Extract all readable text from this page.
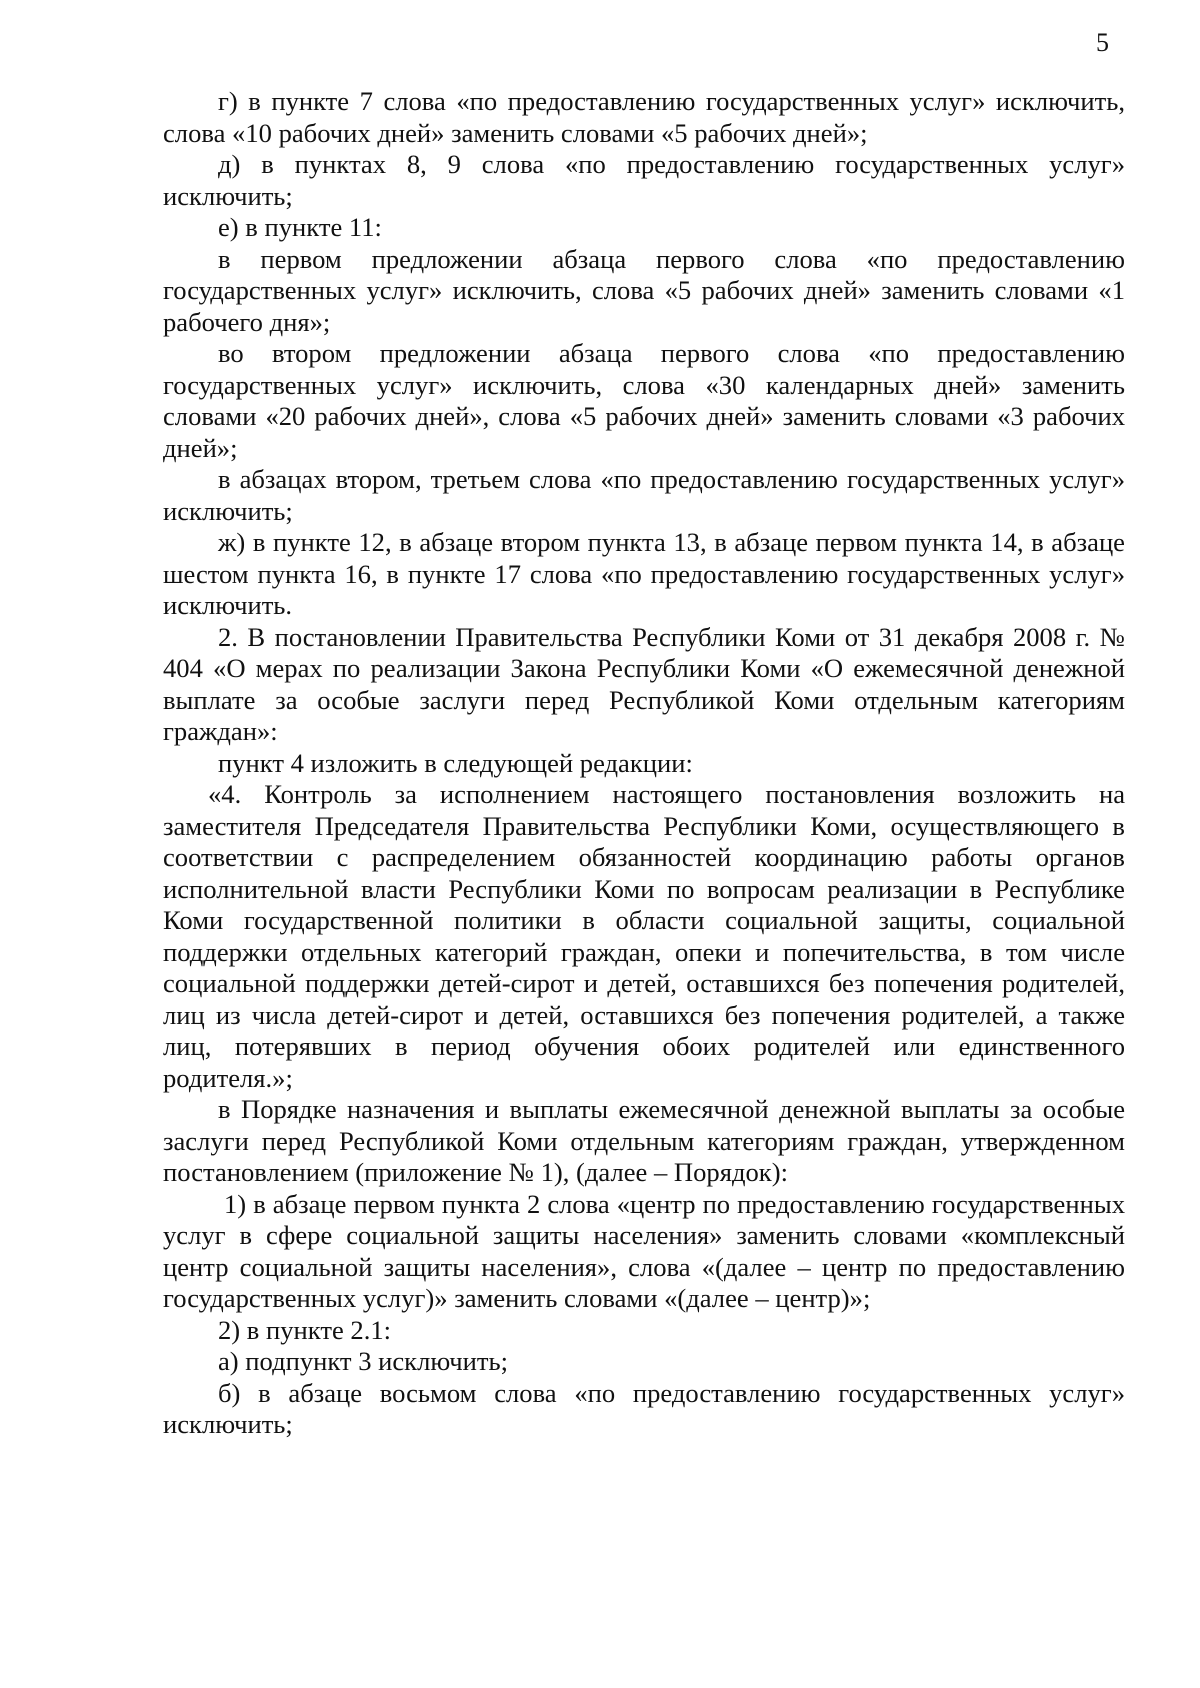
5

г) в пункте 7 слова «по предоставлению государственных услуг» исключить, слова «10 рабочих дней» заменить словами «5 рабочих дней»;

д) в пунктах 8, 9 слова «по предоставлению государственных услуг» исключить;

е) в пункте 11:

в первом предложении абзаца первого слова «по предоставлению государственных услуг» исключить, слова «5 рабочих дней» заменить словами «1 рабочего дня»;

во втором предложении абзаца первого слова «по предоставлению государственных услуг» исключить, слова «30 календарных дней» заменить словами «20 рабочих дней», слова «5 рабочих дней» заменить словами «3 рабочих дней»;

в абзацах втором, третьем слова «по предоставлению государственных услуг» исключить;

ж) в пункте 12, в абзаце втором пункта 13, в абзаце первом пункта 14, в абзаце шестом пункта 16, в пункте 17 слова «по предоставлению государственных услуг» исключить.

2. В постановлении Правительства Республики Коми от 31 декабря 2008 г. № 404 «О мерах по реализации Закона Республики Коми «О ежемесячной денежной выплате за особые заслуги перед Республикой Коми отдельным категориям граждан»:

пункт 4 изложить в следующей редакции:

«4. Контроль за исполнением настоящего постановления возложить на заместителя Председателя Правительства Республики Коми, осуществляющего в соответствии с распределением обязанностей координацию работы органов исполнительной власти Республики Коми по вопросам реализации в Республике Коми государственной политики в области социальной защиты, социальной поддержки отдельных категорий граждан, опеки и попечительства, в том числе социальной поддержки детей-сирот и детей, оставшихся без попечения родителей, лиц из числа детей-сирот и детей, оставшихся без попечения родителей, а также лиц, потерявших в период обучения обоих родителей или единственного родителя.»;

в Порядке назначения и выплаты ежемесячной денежной выплаты за особые заслуги перед Республикой Коми отдельным категориям граждан, утвержденном постановлением (приложение № 1), (далее – Порядок):

1) в абзаце первом пункта 2 слова «центр по предоставлению государственных услуг в сфере социальной защиты населения» заменить словами «комплексный центр социальной защиты населения», слова «(далее – центр по предоставлению государственных услуг)» заменить словами «(далее – центр)»;

2) в пункте 2.1:

а) подпункт 3 исключить;

б) в абзаце восьмом слова «по предоставлению государственных услуг» исключить;
